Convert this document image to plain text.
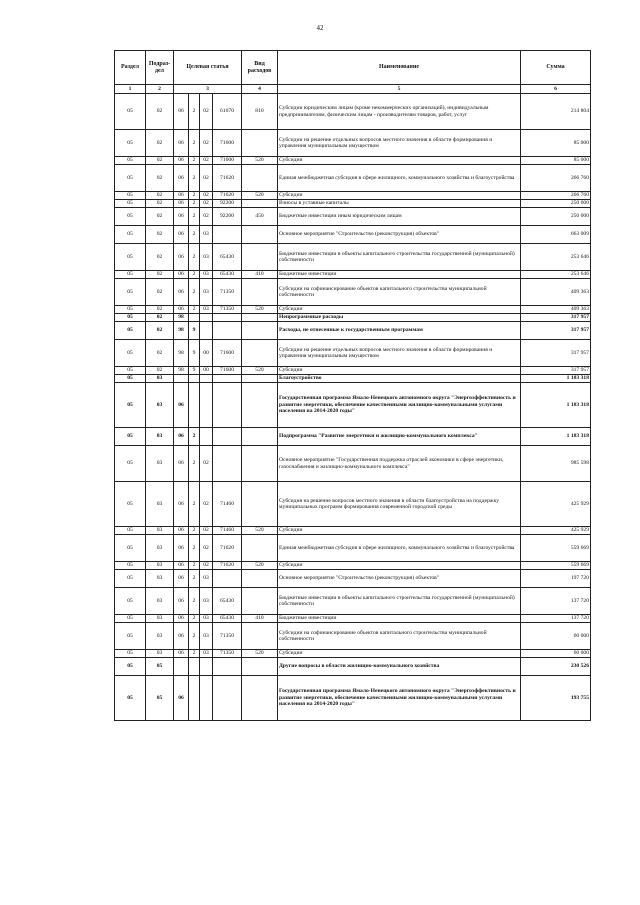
42
Раздел	Подраз-дел	Целевая статья				Вид расходов	Наименование	Сумма
1	2	3				4	5	6
05	02	06	2	02	61070	810	Субсидии юридическим лицам (кроме некоммерческих организаций), индивидуальным предпринимателям, физическим лицам - производителям товаров, работ, услуг	214 804
05	02	06	2	02	71600		Субсидии на решение отдельных вопросов местного значения в области формирования и управления муниципальным имуществом	85 000
05	02	06	2	02	71600	520	Субсидии	85 000
05	02	06	2	02	71620		Единая межбюджетная субсидия в сфере жилищного, коммунального хозяйства и благоустройства	266 760
05	02	06	2	02	71620	520	Субсидии	266 760
05	02	06	2	02	92200		Взносы в уставные капиталы	250 000
05	02	06	2	02	92200	450	Бюджетные инвестиции иным юридическим лицам	250 000
05	02	06	2	03			Основное мероприятие "Строительство (реконструкция) объектов"	663 009
05	02	06	2	03	65430		Бюджетные инвестиции в объекты капитального строительства государственной (муниципальной) собственности	253 646
05	02	06	2	03	65430	410	Бюджетные инвестиции	253 646
05	02	06	2	03	71350		Субсидии на софинансирование объектов капитального строительства муниципальной собственности	409 363
05	02	06	2	03	71350	520	Субсидии	409 363
05	02	98					Непрограммные расходы	317 957
05	02	98	9				Расходы, не отнесенные к государственным программам	317 957
05	02	98	9	00	71600		Субсидии на решение отдельных вопросов местного значения в области формирования и управления муниципальным имуществом	317 957
05	02	98	9	00	71600	520	Субсидии	317 957
05	03						Благоустройство	1 183 318
05	03	06					Государственная программа Ямало-Ненецкого автономного округа "Энергоэффективность и развитие энергетики, обеспечение качественными жилищно-коммунальными услугами населения на 2014-2020 годы"	1 183 318
05	03	06	2				Подпрограмма "Развитие энергетики и жилищно-коммунального комплекса"	1 183 318
05	03	06	2	02			Основное мероприятие "Государственная поддержка отраслей экономики в сфере энергетики, газоснабжения и жилищно-коммунального комплекса"	985 598
05	03	06	2	02	71460		Субсидия на решение вопросов местного значения в области благоустройства на поддержку муниципальных программ формирования современной городской среды	425 929
05	03	06	2	02	71460	520	Субсидии	425 929
05	03	06	2	02	71620		Единая межбюджетная субсидия в сфере жилищного, коммунального хозяйства и благоустройства	559 669
05	03	06	2	02	71620	520	Субсидии	559 669
05	03	06	2	03			Основное мероприятие "Строительство (реконструкция) объектов"	197 720
05	03	06	2	03	65430		Бюджетные инвестиции в объекты капитального строительства государственной (муниципальной) собственности	137 720
05	03	06	2	03	65430	410	Бюджетные инвестиции	137 720
05	03	06	2	03	71350		Субсидии на софинансирование объектов капитального строительства муниципальной собственности	60 000
05	03	06	2	03	71350	520	Субсидии	60 000
05	05						Другие вопросы в области жилищно-коммунального хозяйства	230 526
05	05	06					Государственная программа Ямало-Ненецкого автономного округа "Энергоэффективность и развитие энергетики, обеспечение качественными жилищно-коммунальными услугами населения на 2014-2020 годы"	193 755
